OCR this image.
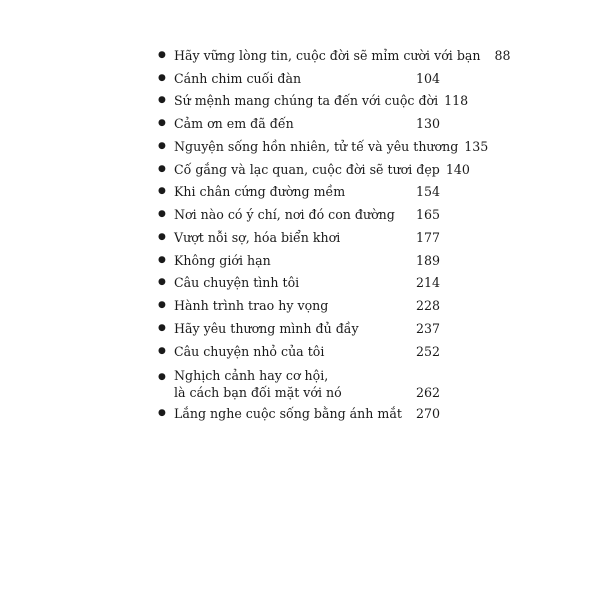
● Hãy vững lòng tin, cuộc đời sẽ mỉm cười với bạn	88
● Cánh chim cuối đàn	104
● Sứ mệnh mang chúng ta đến với cuộc đời 118
● Cảm ơn em đã đến	130
● Nguyện sống hồn nhiên, tử tế và yêu thương 135
● Cố gắng và lạc quan, cuộc đời sẽ tươi đẹp 140
● Khi chân cứng đường mềm	154
● Nơi nào có ý chí, nơi đó con đường	165
● Vượt nỗi sợ, hóa biển khơi	177
● Không giới hạn	189
● Câu chuyện tình tôi	214
● Hành trình trao hy vọng	228
● Hãy yêu thương mình đủ đầy	237
● Câu chuyện nhỏ của tôi	252
● Nghịch cảnh hay cơ hội,
là cách bạn đối mặt với nó	262
● Lắng nghe cuộc sống bằng ánh mắt	270
